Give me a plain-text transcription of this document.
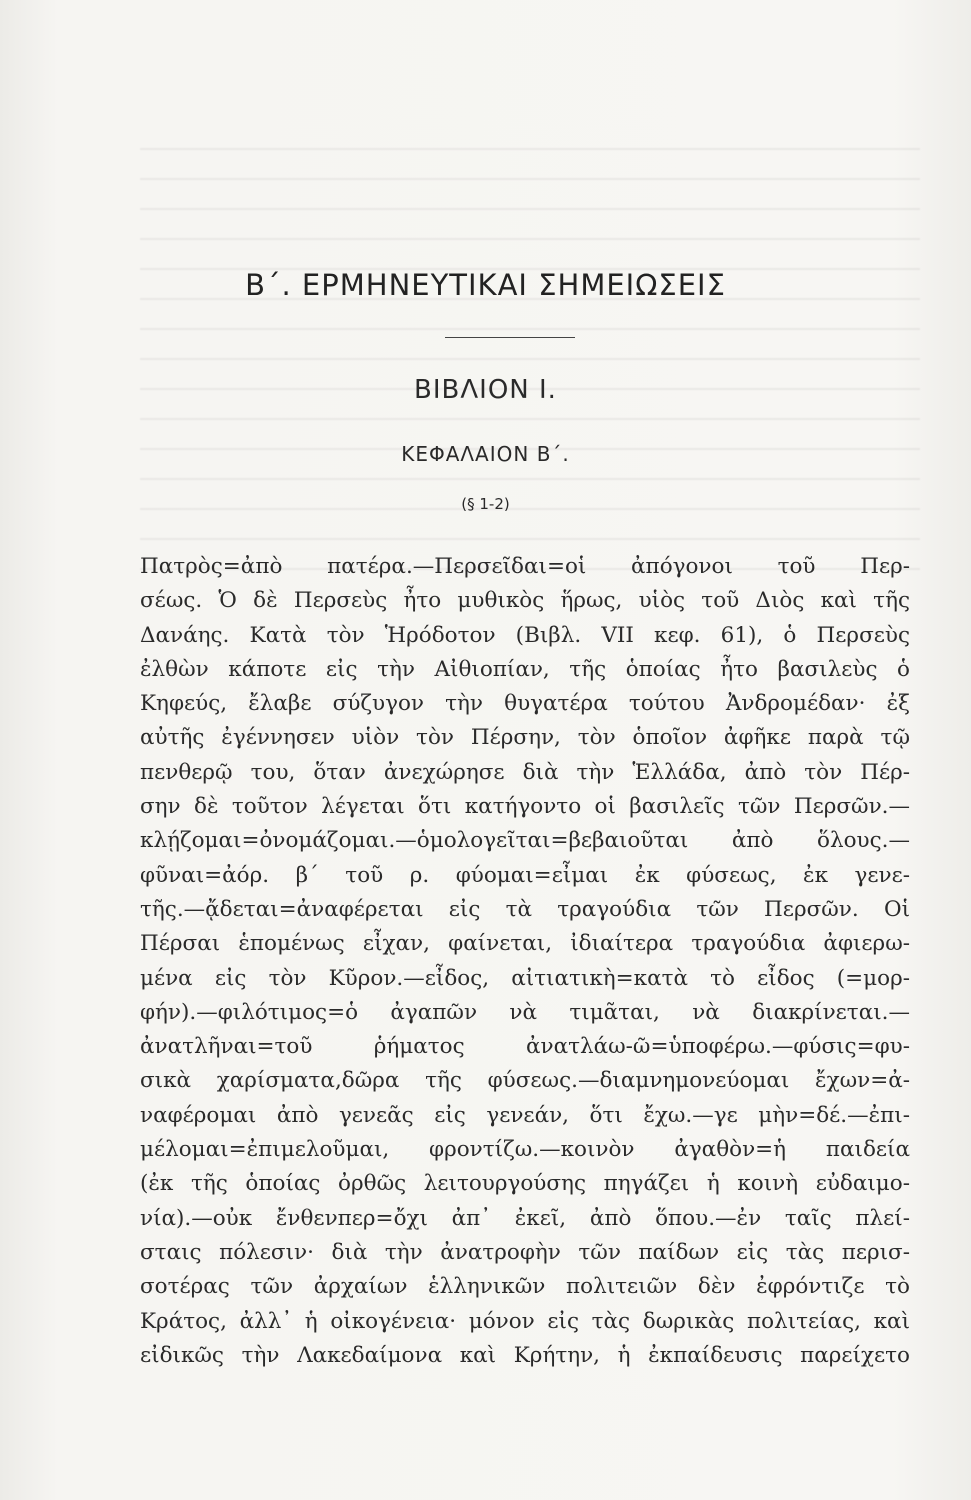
Β΄. ΕΡΜΗΝΕΥΤΙΚΑΙ ΣΗΜΕΙΩΣΕΙΣ
ΒΙΒΛΙΟΝ Ι.
ΚΕΦΑΛΑΙΟΝ Β΄.
(§ 1-2)
Πατρὸς=ἀπὸ πατέρα.—Περσεῖδαι=οἱ ἀπόγονοι τοῦ Περ-
σέως. Ὁ δὲ Περσεὺς ἦτο μυθικὸς ἥρως, υἱὸς τοῦ Διὸς καὶ τῆς
Δανάης. Κατὰ τὸν Ἡρόδοτον (Βιβλ. VII κεφ. 61), ὁ Περσεὺς
ἐλθὼν κάποτε εἰς τὴν Αἰθιοπίαν, τῆς ὁποίας ἦτο βασιλεὺς ὁ
Κηφεύς, ἔλαβε σύζυγον τὴν θυγατέρα τούτου Ἀνδρομέδαν· ἐξ
αὐτῆς ἐγέννησεν υἱὸν τὸν Πέρσην, τὸν ὁποῖον ἀφῆκε παρὰ τῷ
πενθερῷ του, ὅταν ἀνεχώρησε διὰ τὴν Ἑλλάδα, ἀπὸ τὸν Πέρ-
σην δὲ τοῦτον λέγεται ὅτι κατήγοντο οἱ βασιλεῖς τῶν Περσῶν.—
κλῄζομαι=ὀνομάζομαι.—ὁμολογεῖται=βεβαιοῦται ἀπὸ ὅλους.—
φῦναι=ἀόρ. β΄ τοῦ ρ. φύομαι=εἶμαι ἐκ φύσεως, ἐκ γενε-
τῆς.—ᾄδεται=ἀναφέρεται εἰς τὰ τραγούδια τῶν Περσῶν. Οἱ
Πέρσαι ἑπομένως εἶχαν, φαίνεται, ἰδιαίτερα τραγούδια ἀφιερω-
μένα εἰς τὸν Κῦρον.—εἶδος, αἰτιατικὴ=κατὰ τὸ εἶδος (=μορ-
φήν).—φιλότιμος=ὁ ἀγαπῶν νὰ τιμᾶται, νὰ διακρίνεται.—
ἀνατλῆναι=τοῦ ῥήματος ἀνατλάω-ῶ=ὑποφέρω.—φύσις=φυ-
σικὰ χαρίσματα,δῶρα τῆς φύσεως.—διαμνημονεύομαι ἔχων=ἀ-
ναφέρομαι ἀπὸ γενεᾶς εἰς γενεάν, ὅτι ἔχω.—γε μὴν=δέ.—ἐπι-
μέλομαι=ἐπιμελοῦμαι, φροντίζω.—κοινὸν ἀγαθὸν=ἡ παιδεία
(ἐκ τῆς ὁποίας ὀρθῶς λειτουργούσης πηγάζει ἡ κοινὴ εὐδαιμο-
νία).—οὐκ ἔνθενπερ=ὄχι ἀπ᾿ ἐκεῖ, ἀπὸ ὅπου.—ἐν ταῖς πλεί-
σταις πόλεσιν· διὰ τὴν ἀνατροφὴν τῶν παίδων εἰς τὰς περισ-
σοτέρας τῶν ἀρχαίων ἑλληνικῶν πολιτειῶν δὲν ἐφρόντιζε τὸ
Κράτος, ἀλλ᾿ ἡ οἰκογένεια· μόνον εἰς τὰς δωρικὰς πολιτείας, καὶ
εἰδικῶς τὴν Λακεδαίμονα καὶ Κρήτην, ἡ ἐκπαίδευσις παρείχετο
